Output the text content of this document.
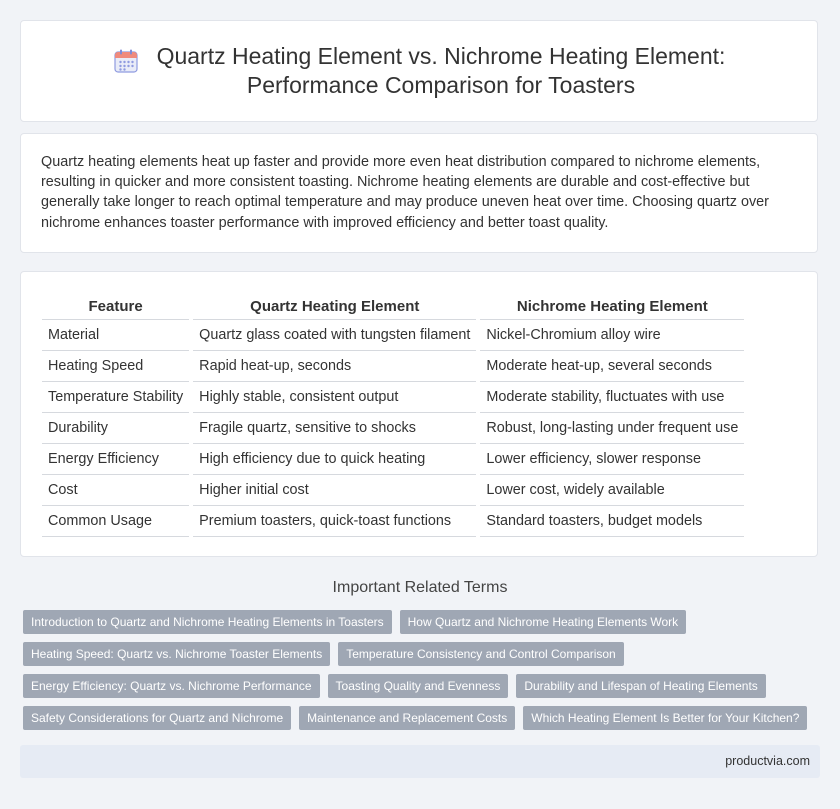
Quartz Heating Element vs. Nichrome Heating Element:
Performance Comparison for Toasters

Quartz heating elements heat up faster and provide more even heat distribution compared to nichrome elements, resulting in quicker and more consistent toasting. Nichrome heating elements are durable and cost-effective but generally take longer to reach optimal temperature and may produce uneven heat over time. Choosing quartz over nichrome enhances toaster performance with improved efficiency and better toast quality.

Feature	Quartz Heating Element	Nichrome Heating Element
Material	Quartz glass coated with tungsten filament	Nickel-Chromium alloy wire
Heating Speed	Rapid heat-up, seconds	Moderate heat-up, several seconds
Temperature Stability	Highly stable, consistent output	Moderate stability, fluctuates with use
Durability	Fragile quartz, sensitive to shocks	Robust, long-lasting under frequent use
Energy Efficiency	High efficiency due to quick heating	Lower efficiency, slower response
Cost	Higher initial cost	Lower cost, widely available
Common Usage	Premium toasters, quick-toast functions	Standard toasters, budget models
Important Related Terms
Introduction to Quartz and Nichrome Heating Elements in Toasters	How Quartz and Nichrome Heating Elements Work
Heating Speed: Quartz vs. Nichrome Toaster Elements	Temperature Consistency and Control Comparison
Energy Efficiency: Quartz vs. Nichrome Performance	Toasting Quality and Evenness	Durability and Lifespan of Heating Elements
Safety Considerations for Quartz and Nichrome	Maintenance and Replacement Costs	Which Heating Element Is Better for Your Kitchen?
productvia.com
